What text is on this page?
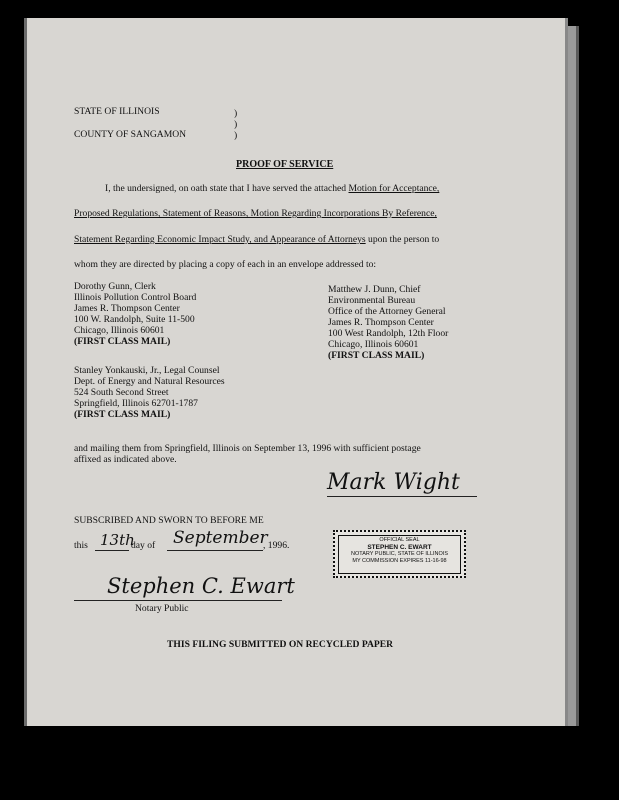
STATE OF ILLINOIS	)
)
)
COUNTY OF SANGAMON
PROOF OF SERVICE
I, the undersigned, on oath state that I have served the attached Motion for Acceptance,
Proposed Regulations, Statement of Reasons, Motion Regarding Incorporations By Reference,
Statement Regarding Economic Impact Study, and Appearance of Attorneys upon the person to
whom they are directed by placing a copy of each in an envelope addressed to:
Dorothy Gunn, Clerk
Illinois Pollution Control Board
James R. Thompson Center
100 W. Randolph, Suite 11-500
Chicago, Illinois 60601
(FIRST CLASS MAIL)
Matthew J. Dunn, Chief
Environmental Bureau
Office of the Attorney General
James R. Thompson Center
100 West Randolph, 12th Floor
Chicago, Illinois 60601
(FIRST CLASS MAIL)
Stanley Yonkauski, Jr., Legal Counsel
Dept. of Energy and Natural Resources
524 South Second Street
Springfield, Illinois 62701-1787
(FIRST CLASS MAIL)
and mailing them from Springfield, Illinois on September 13, 1996 with sufficient postage
affixed as indicated above.
Mark Wight
SUBSCRIBED AND SWORN TO BEFORE ME
this 13th
day of September
, 1996.
Stephen C. Ewart
Notary Public
THIS FILING SUBMITTED ON RECYCLED PAPER
OFFICIAL SEAL
STEPHEN C. EWART
NOTARY PUBLIC, STATE OF ILLINOIS
MY COMMISSION EXPIRES 11-16-98
